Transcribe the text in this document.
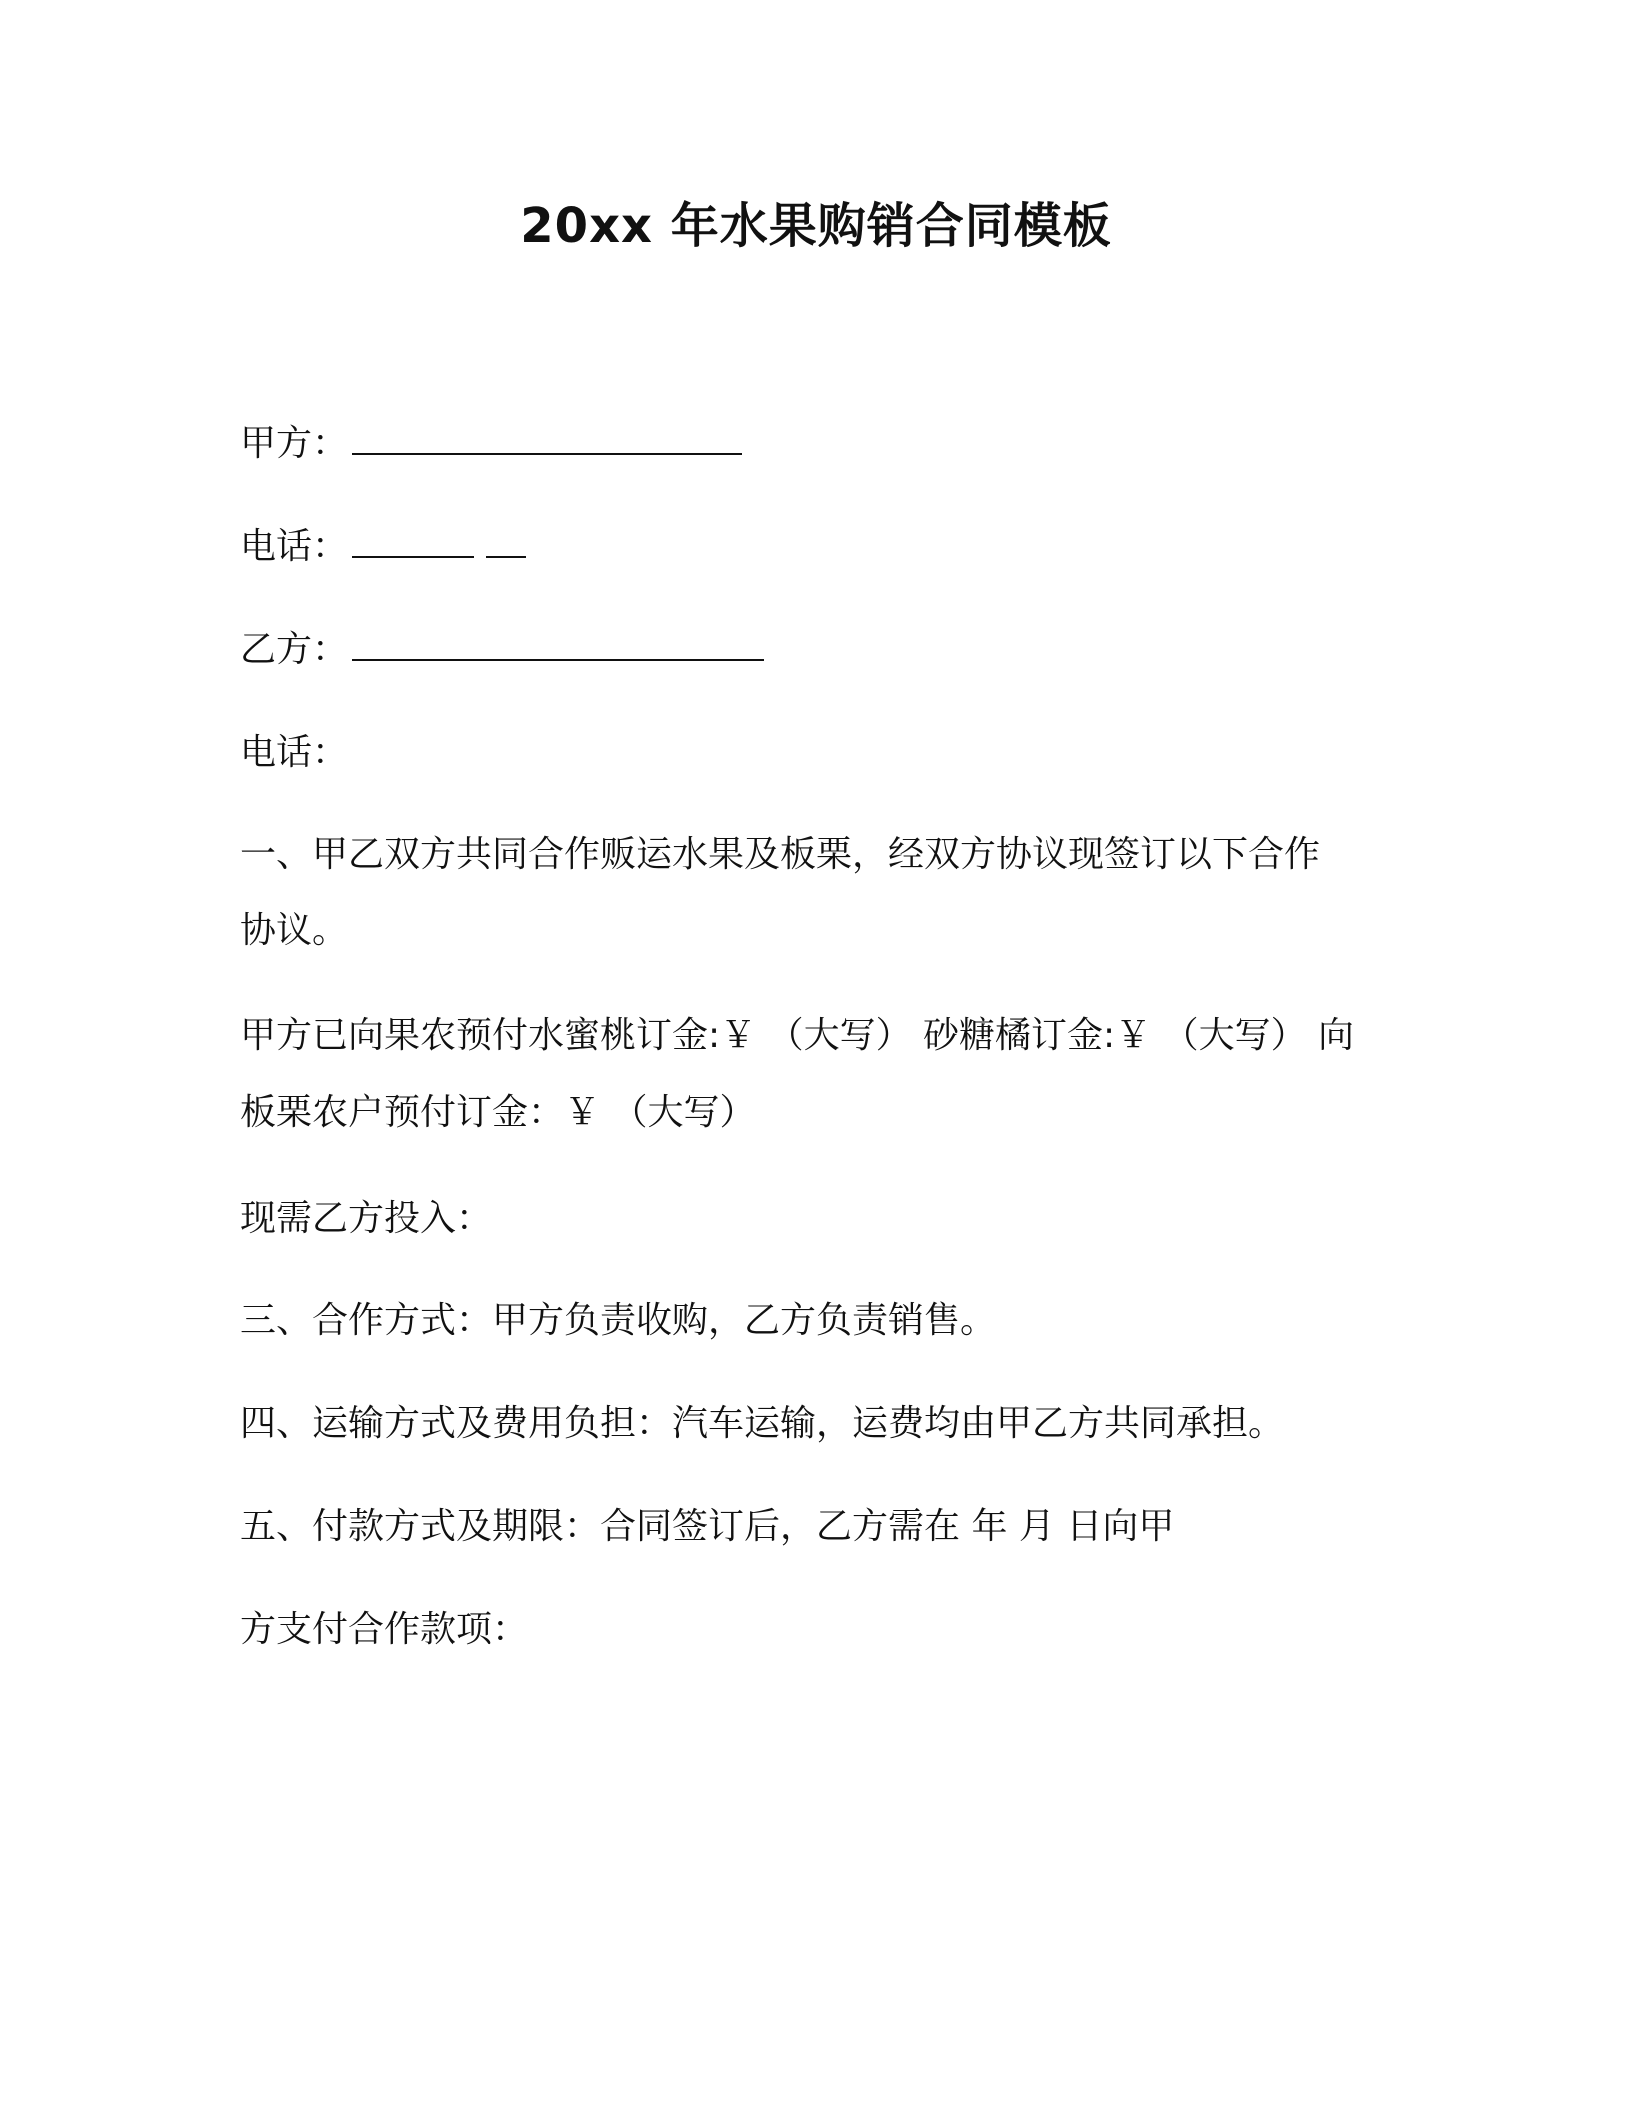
20xx 年水果购销合同模板
甲方：
电话：
乙方：
电话：
一、甲乙双方共同合作贩运水果及板栗，经双方协议现签订以下合作
协议。
甲方已向果农预付水蜜桃订金:￥ （大写） 砂糖橘订金:￥ （大写） 向
板栗农户预付订金：￥ （大写）
现需乙方投入：
三、合作方式：甲方负责收购，乙方负责销售。
四、运输方式及费用负担：汽车运输，运费均由甲乙方共同承担。
五、付款方式及期限：合同签订后，乙方需在 年 月 日向甲
方支付合作款项：
